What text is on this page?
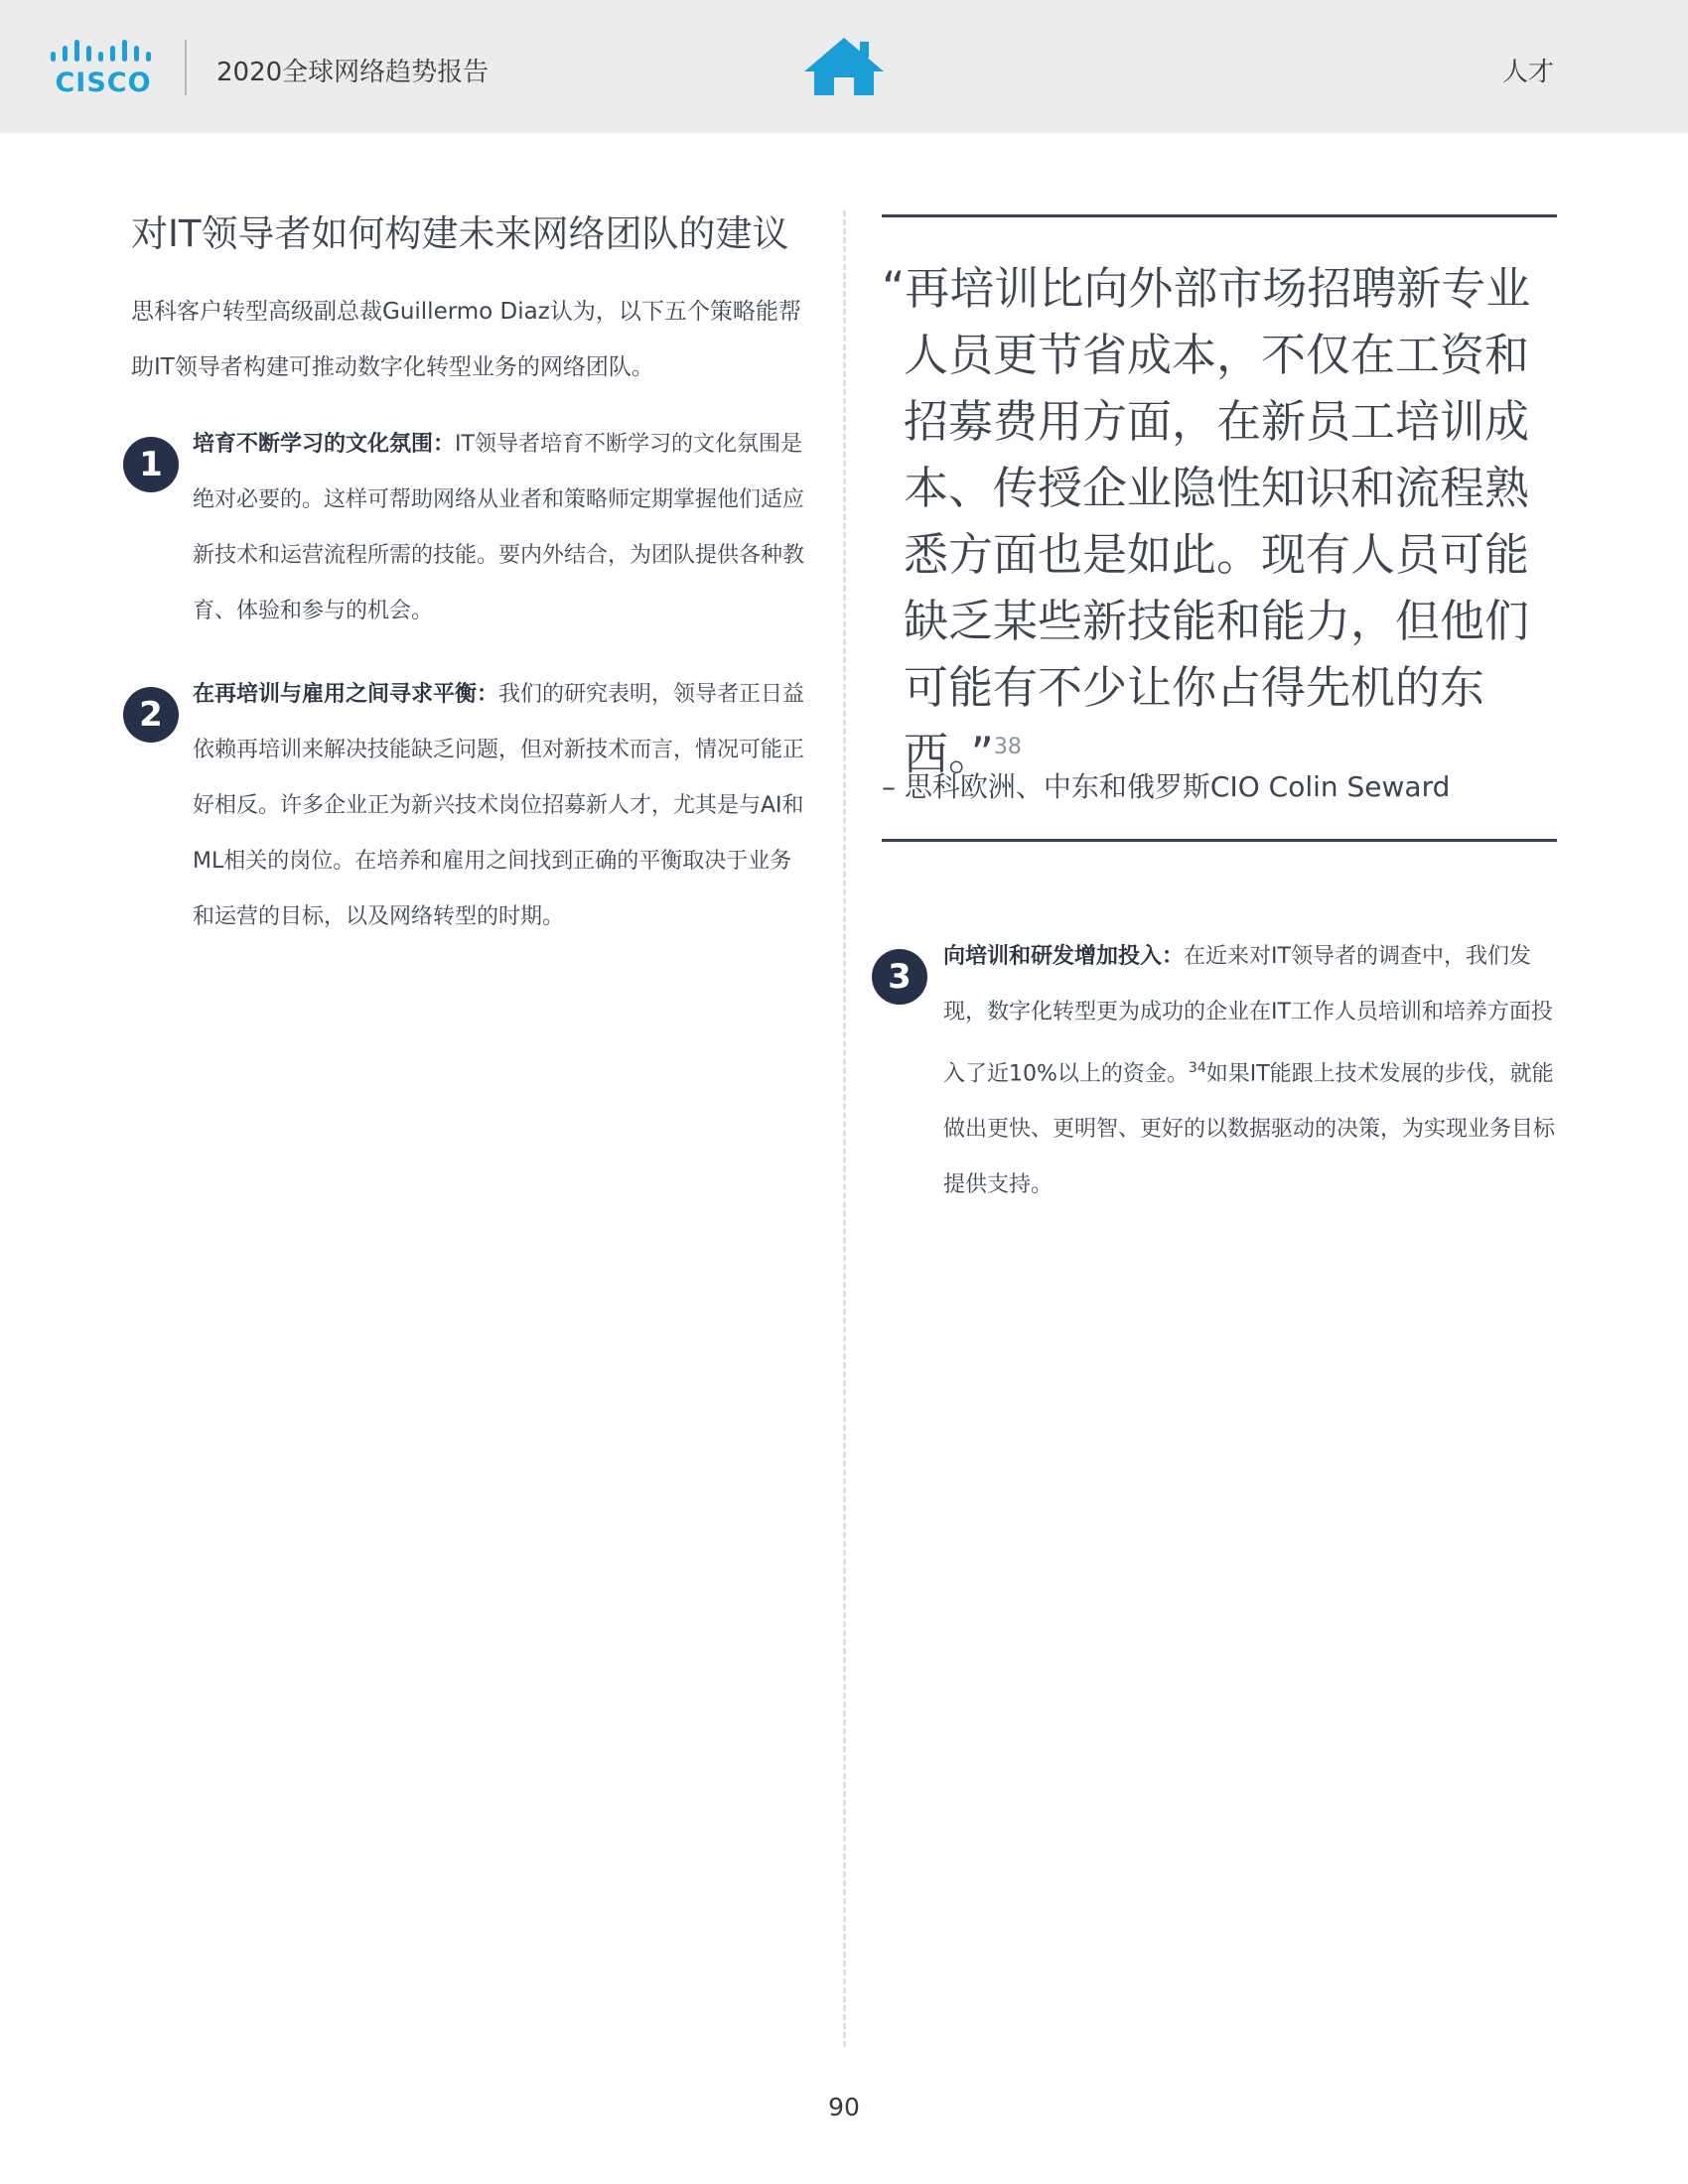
CISCO	2020全球网络趋势报告	人才
对IT领导者如何构建未来网络团队的建议

思科客户转型高级副总裁Guillermo Diaz认为，以下五个策略能帮助IT领导者构建可推动数字化转型业务的网络团队。

1
培育不断学习的文化氛围：IT领导者培育不断学习的文化氛围是绝对必要的。这样可帮助网络从业者和策略师定期掌握他们适应新技术和运营流程所需的技能。要内外结合，为团队提供各种教育、体验和参与的机会。
2
在再培训与雇用之间寻求平衡：我们的研究表明，领导者正日益依赖再培训来解决技能缺乏问题，但对新技术而言，情况可能正好相反。许多企业正为新兴技术岗位招募新人才，尤其是与AI和ML相关的岗位。在培养和雇用之间找到正确的平衡取决于业务和运营的目标，以及网络转型的时期。
“再培训比向外部市场招聘新专业人员更节省成本，不仅在工资和招募费用方面，在新员工培训成本、传授企业隐性知识和流程熟悉方面也是如此。现有人员可能缺乏某些新技能和能力，但他们可能有不少让你占得先机的东西。”$^{38}$
– 思科欧洲、中东和俄罗斯CIO Colin Seward
3
向培训和研发增加投入：在近来对IT领导者的调查中，我们发现，数字化转型更为成功的企业在IT工作人员培训和培养方面投入了近10%以上的资金。$^{34}$如果IT能跟上技术发展的步伐，就能做出更快、更明智、更好的以数据驱动的决策，为实现业务目标提供支持。
90
